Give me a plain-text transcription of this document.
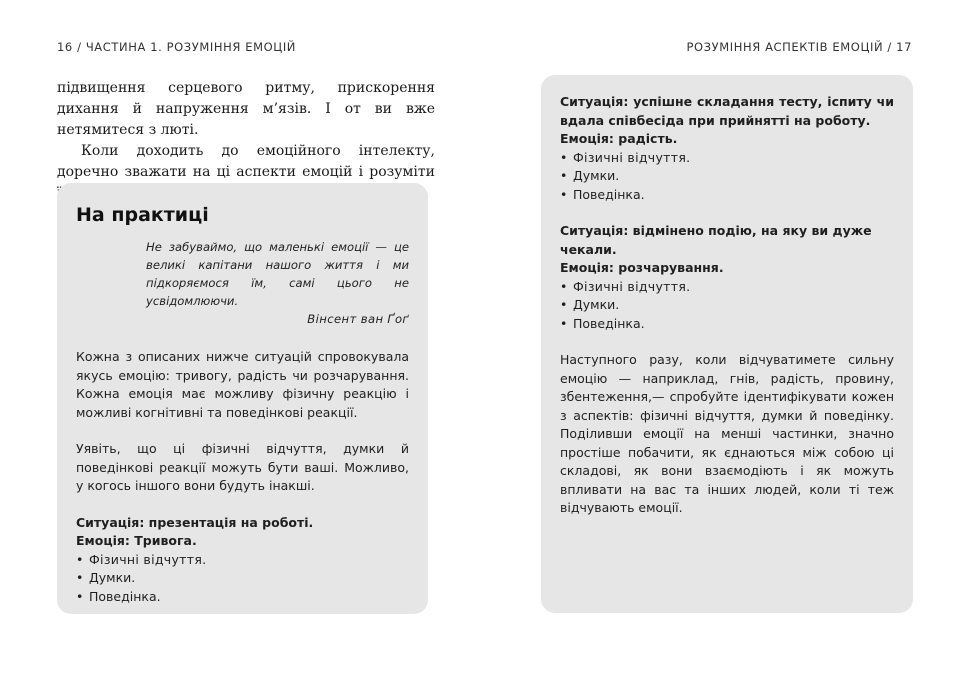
16 / ЧАСТИНА 1. РОЗУМІННЯ ЕМОЦІЙ	РОЗУМІННЯ АСПЕКТІВ ЕМОЦІЙ / 17

підвищення серцевого ритму, прискорення дихання й напруження м’язів. І от ви вже нетямитеся з люті.

Коли доходить до емоційного інтелекту, доречно зважати на ці аспекти емоцій і розуміти

На практиці
Не забуваймо, що маленькі емоції — це великі капітани нашого життя і ми підкоряємося їм, самі цього не усвідомлюючи.
Вінсент ван Ґоґ

Кожна з описаних нижче ситуацій спровокувала якусь емоцію: тривогу, радість чи розчарування. Кожна емоція має можливу фізичну реакцію і можливі когнітивні та поведінкові реакції.

Уявіть, що ці фізичні відчуття, думки й поведінкові реакції можуть бути ваші. Можливо, у когось іншого вони будуть інакші.

Ситуація: презентація на роботі.
Емоція: Тривога.
• Фізичні відчуття.
• Думки.
• Поведінка.
Ситуація: успішне складання тесту, іспиту чи вдала співбесіда при прийнятті на роботу.
Емоція: радість.
• Фізичні відчуття.
• Думки.
• Поведінка.
Ситуація: відмінено подію, на яку ви дуже чекали.
Емоція: розчарування.
• Фізичні відчуття.
• Думки.
• Поведінка.

Наступного разу, коли відчуватимете сильну емоцію — наприклад, гнів, радість, провину, збентеження,— спробуйте ідентифікувати кожен з аспектів: фізичні відчуття, думки й поведінку. Поділивши емоції на менші частинки, значно простіше побачити, як єднаються між собою ці складові, як вони взаємодіють і як можуть впливати на вас та інших людей, коли ті теж відчувають емоції.
